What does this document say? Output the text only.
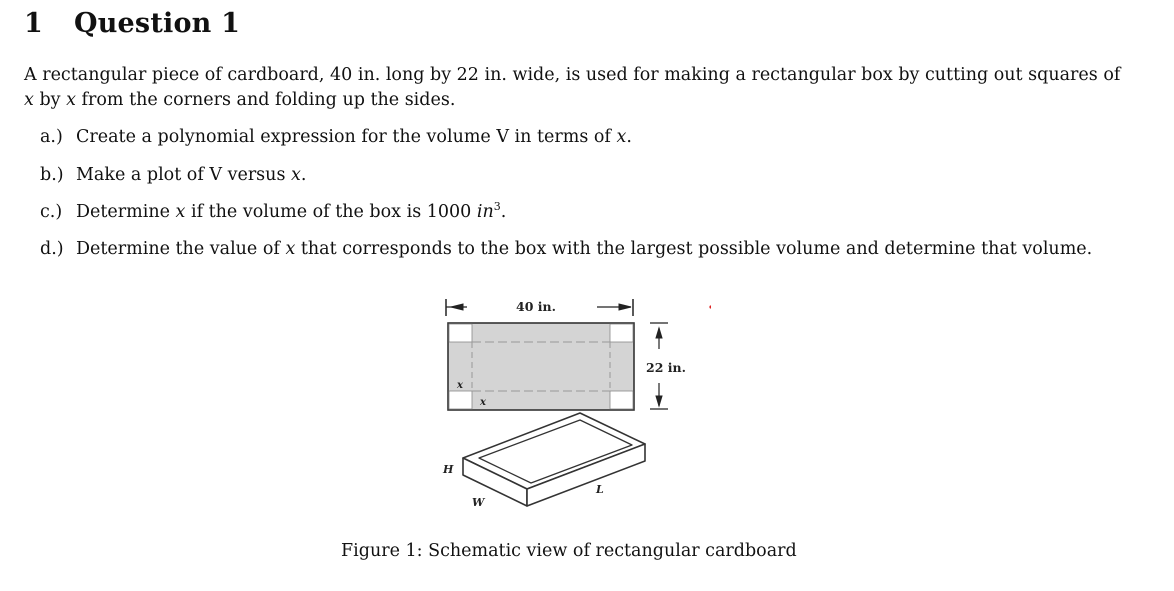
1 Question 1
A rectangular piece of cardboard, 40 in. long by 22 in. wide, is used for making a rectangular box by cutting out squares of x by x from the corners and folding up the sides.
a.) Create a polynomial expression for the volume V in terms of x.
b.) Make a plot of V versus x.
c.) Determine x if the volume of the box is 1000 $in^3$.
d.) Determine the value of x that corresponds to the box with the largest possible volume and determine that volume.
40 in.
x
x
22 in.
H
W
L
Figure 1: Schematic view of rectangular cardboard
